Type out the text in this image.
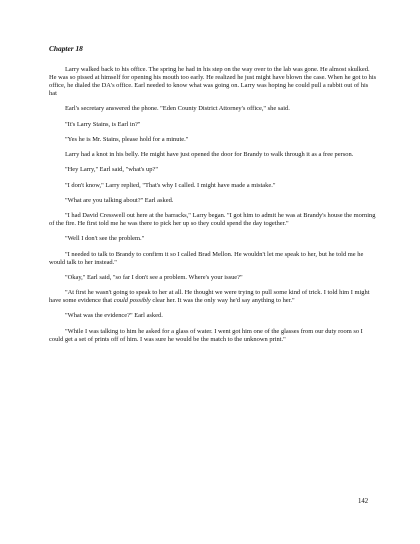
Chapter 18

Larry walked back to his office. The spring he had in his step on the way over to the lab was gone. He almost skulked. He was so pissed at himself for opening his mouth too early. He realized he just might have blown the case. When he got to his office, he dialed the DA's office. Earl needed to know what was going on. Larry was hoping he could pull a rabbit out of his hat

Earl's secretary answered the phone. "Eden County District Attorney's office," she said.

"It's Larry Stains, is Earl in?"

"Yes he is Mr. Stains, please hold for a minute."

Larry had a knot in his belly. He might have just opened the door for Brandy to walk through it as a free person.

"Hey Larry," Earl said, "what's up?"

"I don't know," Larry replied, "That's why I called. I might have made a mistake."

"What are you talking about?" Earl asked.

"I had David Cresswell out here at the barracks," Larry began. "I got him to admit he was at Brandy's house the morning of the fire. He first told me he was there to pick her up so they could spend the day together."

"Well I don't see the problem."

"I needed to talk to Brandy to confirm it so I called Brad Mellon. He wouldn't let me speak to her, but he told me he would talk to her instead."

"Okay," Earl said, "so far I don't see a problem. Where's your issue?"

"At first he wasn't going to speak to her at all. He thought we were trying to pull some kind of trick. I told him I might have some evidence that could possibly clear her. It was the only way he'd say anything to her."

"What was the evidence?" Earl asked.

"While I was talking to him he asked for a glass of water. I went got him one of the glasses from our duty room so I could get a set of prints off of him. I was sure he would be the match to the unknown print."

142
